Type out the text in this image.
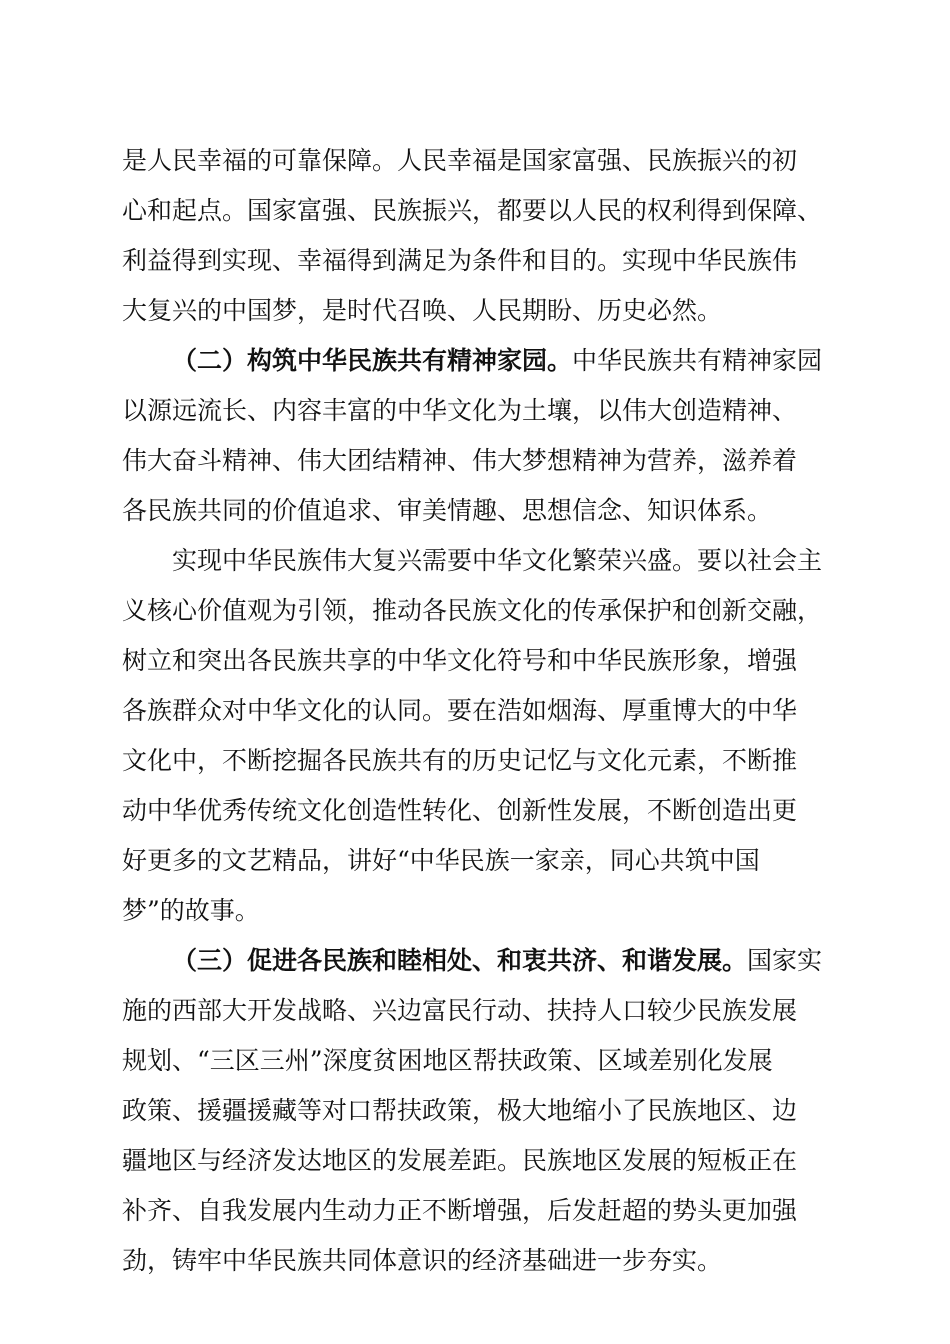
是人民幸福的可靠保障。人民幸福是国家富强、民族振兴的初
心和起点。国家富强、民族振兴，都要以人民的权利得到保障、
利益得到实现、幸福得到满足为条件和目的。实现中华民族伟
大复兴的中国梦，是时代召唤、人民期盼、历史必然。
（二）构筑中华民族共有精神家园。中华民族共有精神家园
以源远流长、内容丰富的中华文化为土壤，以伟大创造精神、
伟大奋斗精神、伟大团结精神、伟大梦想精神为营养，滋养着
各民族共同的价值追求、审美情趣、思想信念、知识体系。
实现中华民族伟大复兴需要中华文化繁荣兴盛。要以社会主
义核心价值观为引领，推动各民族文化的传承保护和创新交融，
树立和突出各民族共享的中华文化符号和中华民族形象，增强
各族群众对中华文化的认同。要在浩如烟海、厚重博大的中华
文化中，不断挖掘各民族共有的历史记忆与文化元素，不断推
动中华优秀传统文化创造性转化、创新性发展，不断创造出更
好更多的文艺精品，讲好“中华民族一家亲，同心共筑中国
梦”的故事。
（三）促进各民族和睦相处、和衷共济、和谐发展。国家实
施的西部大开发战略、兴边富民行动、扶持人口较少民族发展
规划、“三区三州”深度贫困地区帮扶政策、区域差别化发展
政策、援疆援藏等对口帮扶政策，极大地缩小了民族地区、边
疆地区与经济发达地区的发展差距。民族地区发展的短板正在
补齐、自我发展内生动力正不断增强，后发赶超的势头更加强
劲，铸牢中华民族共同体意识的经济基础进一步夯实。
